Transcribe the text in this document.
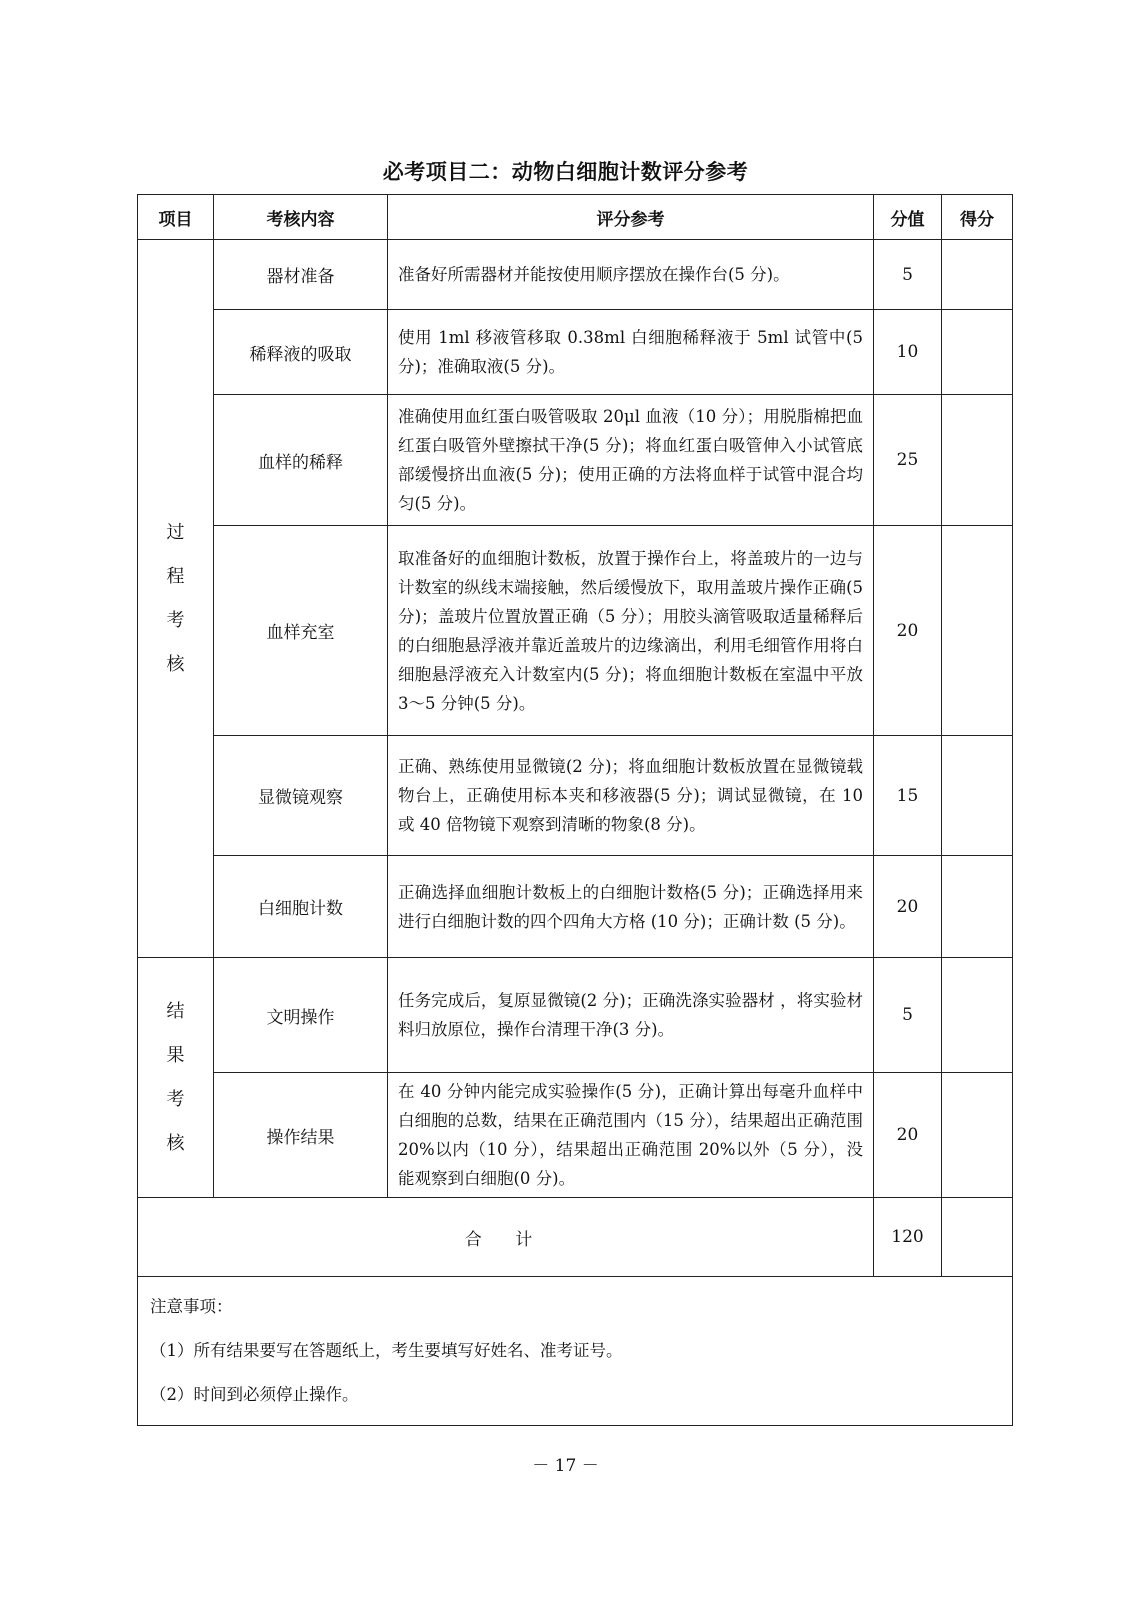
必考项目二：动物白细胞计数评分参考
项目	考核内容	评分参考	分值	得分
过
程
考
核	器材准备	准备好所需器材并能按使用顺序摆放在操作台(5 分)。	5	
	稀释液的吸取	使用 1ml 移液管移取 0.38ml 白细胞稀释液于 5ml 试管中(5 分)；准确取液(5 分)。	10	
	血样的稀释	准确使用血红蛋白吸管吸取 20μl 血液（10 分）；用脱脂棉把血红蛋白吸管外壁擦拭干净(5 分)；将血红蛋白吸管伸入小试管底部缓慢挤出血液(5 分)；使用正确的方法将血样于试管中混合均匀(5 分)。	25	
	血样充室	取准备好的血细胞计数板，放置于操作台上，将盖玻片的一边与计数室的纵线末端接触，然后缓慢放下，取用盖玻片操作正确(5 分)；盖玻片位置放置正确（5 分）；用胶头滴管吸取适量稀释后的白细胞悬浮液并靠近盖玻片的边缘滴出，利用毛细管作用将白细胞悬浮液充入计数室内(5 分)；将血细胞计数板在室温中平放 3～5 分钟(5 分)。	20	
	显微镜观察	正确、熟练使用显微镜(2 分)；将血细胞计数板放置在显微镜载物台上，正确使用标本夹和移液器(5 分)；调试显微镜，在 10 或 40 倍物镜下观察到清晰的物象(8 分)。	15	
	白细胞计数	正确选择血细胞计数板上的白细胞计数格(5 分)；正确选择用来进行白细胞计数的四个四角大方格 (10 分)；正确计数 (5 分)。	20	
结
果
考
核	文明操作	任务完成后，复原显微镜(2 分)；正确洗涤实验器材 ，将实验材料归放原位，操作台清理干净(3 分)。	5	
	操作结果	在 40 分钟内能完成实验操作(5 分)，正确计算出每毫升血样中白细胞的总数，结果在正确范围内（15 分），结果超出正确范围 20%以内（10 分），结果超出正确范围 20%以外（5 分），没能观察到白细胞(0 分)。	20	
合 计			120	

注意事项：
（1）所有结果要写在答题纸上，考生要填写好姓名、准考证号。
（2）时间到必须停止操作。				
－ 17 －
